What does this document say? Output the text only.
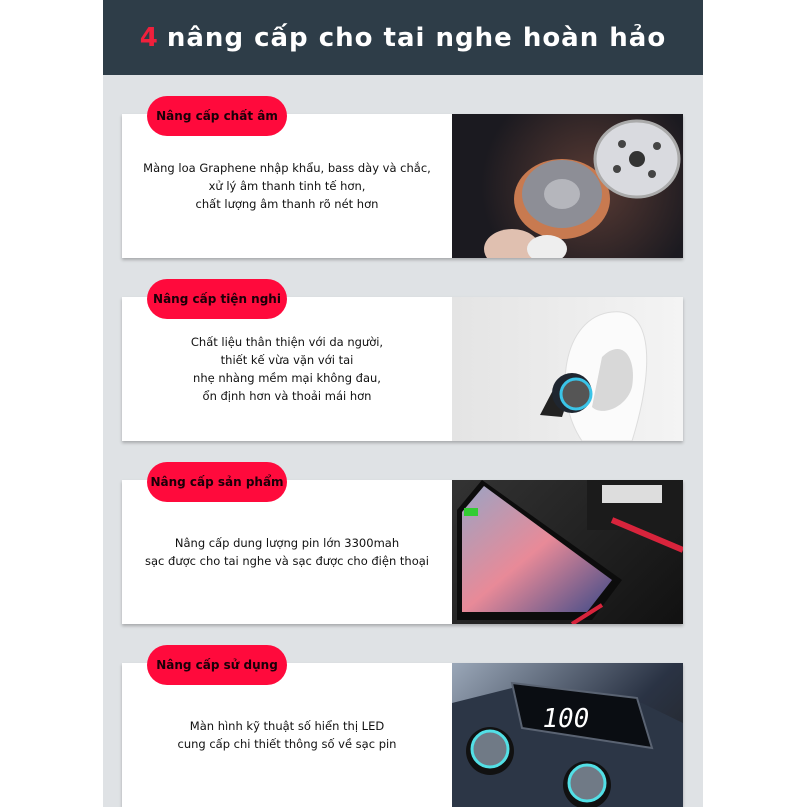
4 nâng cấp cho tai nghe hoàn hảo
Màng loa Graphene nhập khẩu, bass dày và chắc,
xử lý âm thanh tinh tế hơn,
chất lượng âm thanh rõ nét hơn
Nâng cấp chất âm
Chất liệu thân thiện với da người,
thiết kế vừa vặn với tai
nhẹ nhàng mềm mại không đau,
ổn định hơn và thoải mái hơn
Nâng cấp tiện nghi
Nâng cấp dung lượng pin lớn 3300mah
sạc được cho tai nghe và sạc được cho điện thoại
Nâng cấp sản phẩm
Màn hình kỹ thuật số hiển thị LED
cung cấp chi thiết thông số về sạc pin
100
Nâng cấp sử dụng
